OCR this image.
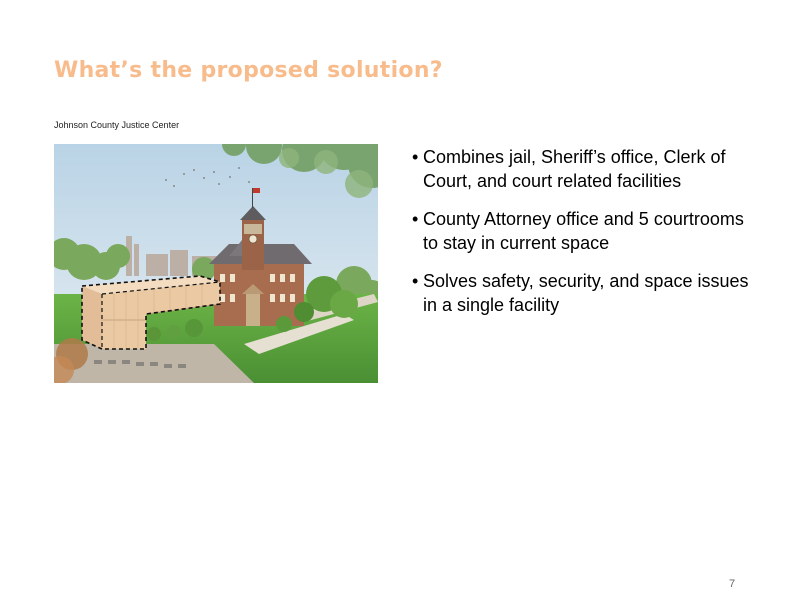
What’s the proposed solution?
Johnson County Justice Center
• Combines jail, Sheriff’s office, Clerk of Court, and court related facilities
• County Attorney office and 5 courtrooms to stay in current space
• Solves safety, security, and space issues in a single facility
7
